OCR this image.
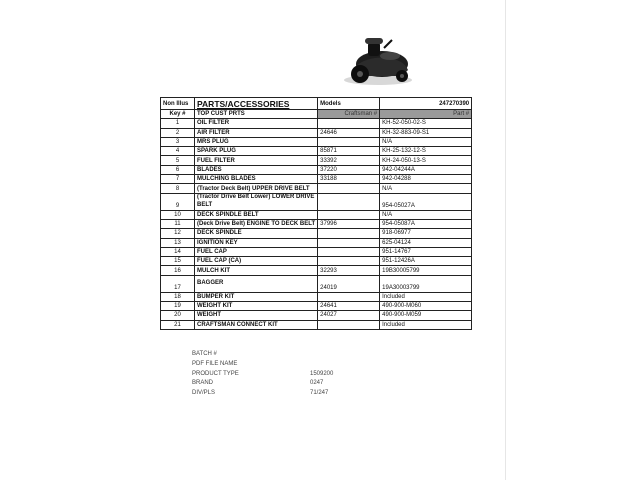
Non Illus	PARTS/ACCESSORIES	Models	247270390
Key #	TOP CUST PRTS	Craftsman #	Part #
1	OIL FILTER		KH-52-050-02-S
2	AIR FILTER	24646	KH-32-883-09-S1
3	MRS PLUG		N/A
4	SPARK PLUG	85871	KH-25-132-12-S
5	FUEL FILTER	33392	KH-24-050-13-S
6	BLADES	37220	942-04244A
7	MULCHING BLADES	33188	942-04288
8	(Tractor Deck Belt) UPPER DRIVE BELT		N/A
9	(Tractor Drive Belt Lower) LOWER DRIVE BELT		954-05027A
10	DECK SPINDLE BELT		N/A
11	(Deck Drive Belt) ENGINE TO DECK BELT	37996	954-05087A
12	DECK SPINDLE		918-06977
13	IGNITION KEY		625-04124
14	FUEL CAP		951-14767
15	FUEL CAP (CA)		951-12426A
16	MULCH KIT	32293	19B30005799
17	BAGGER	24019	19A30003799
18	BUMPER KIT		Included
19	WEIGHT KIT	24641	490-900-M060
20	WEIGHT	24027	490-900-M059
21	CRAFTSMAN CONNECT KIT		Included
BATCH #
PDF FILE NAME
PRODUCT TYPE	1509200
BRAND	0247
DIV/PLS	71/247
